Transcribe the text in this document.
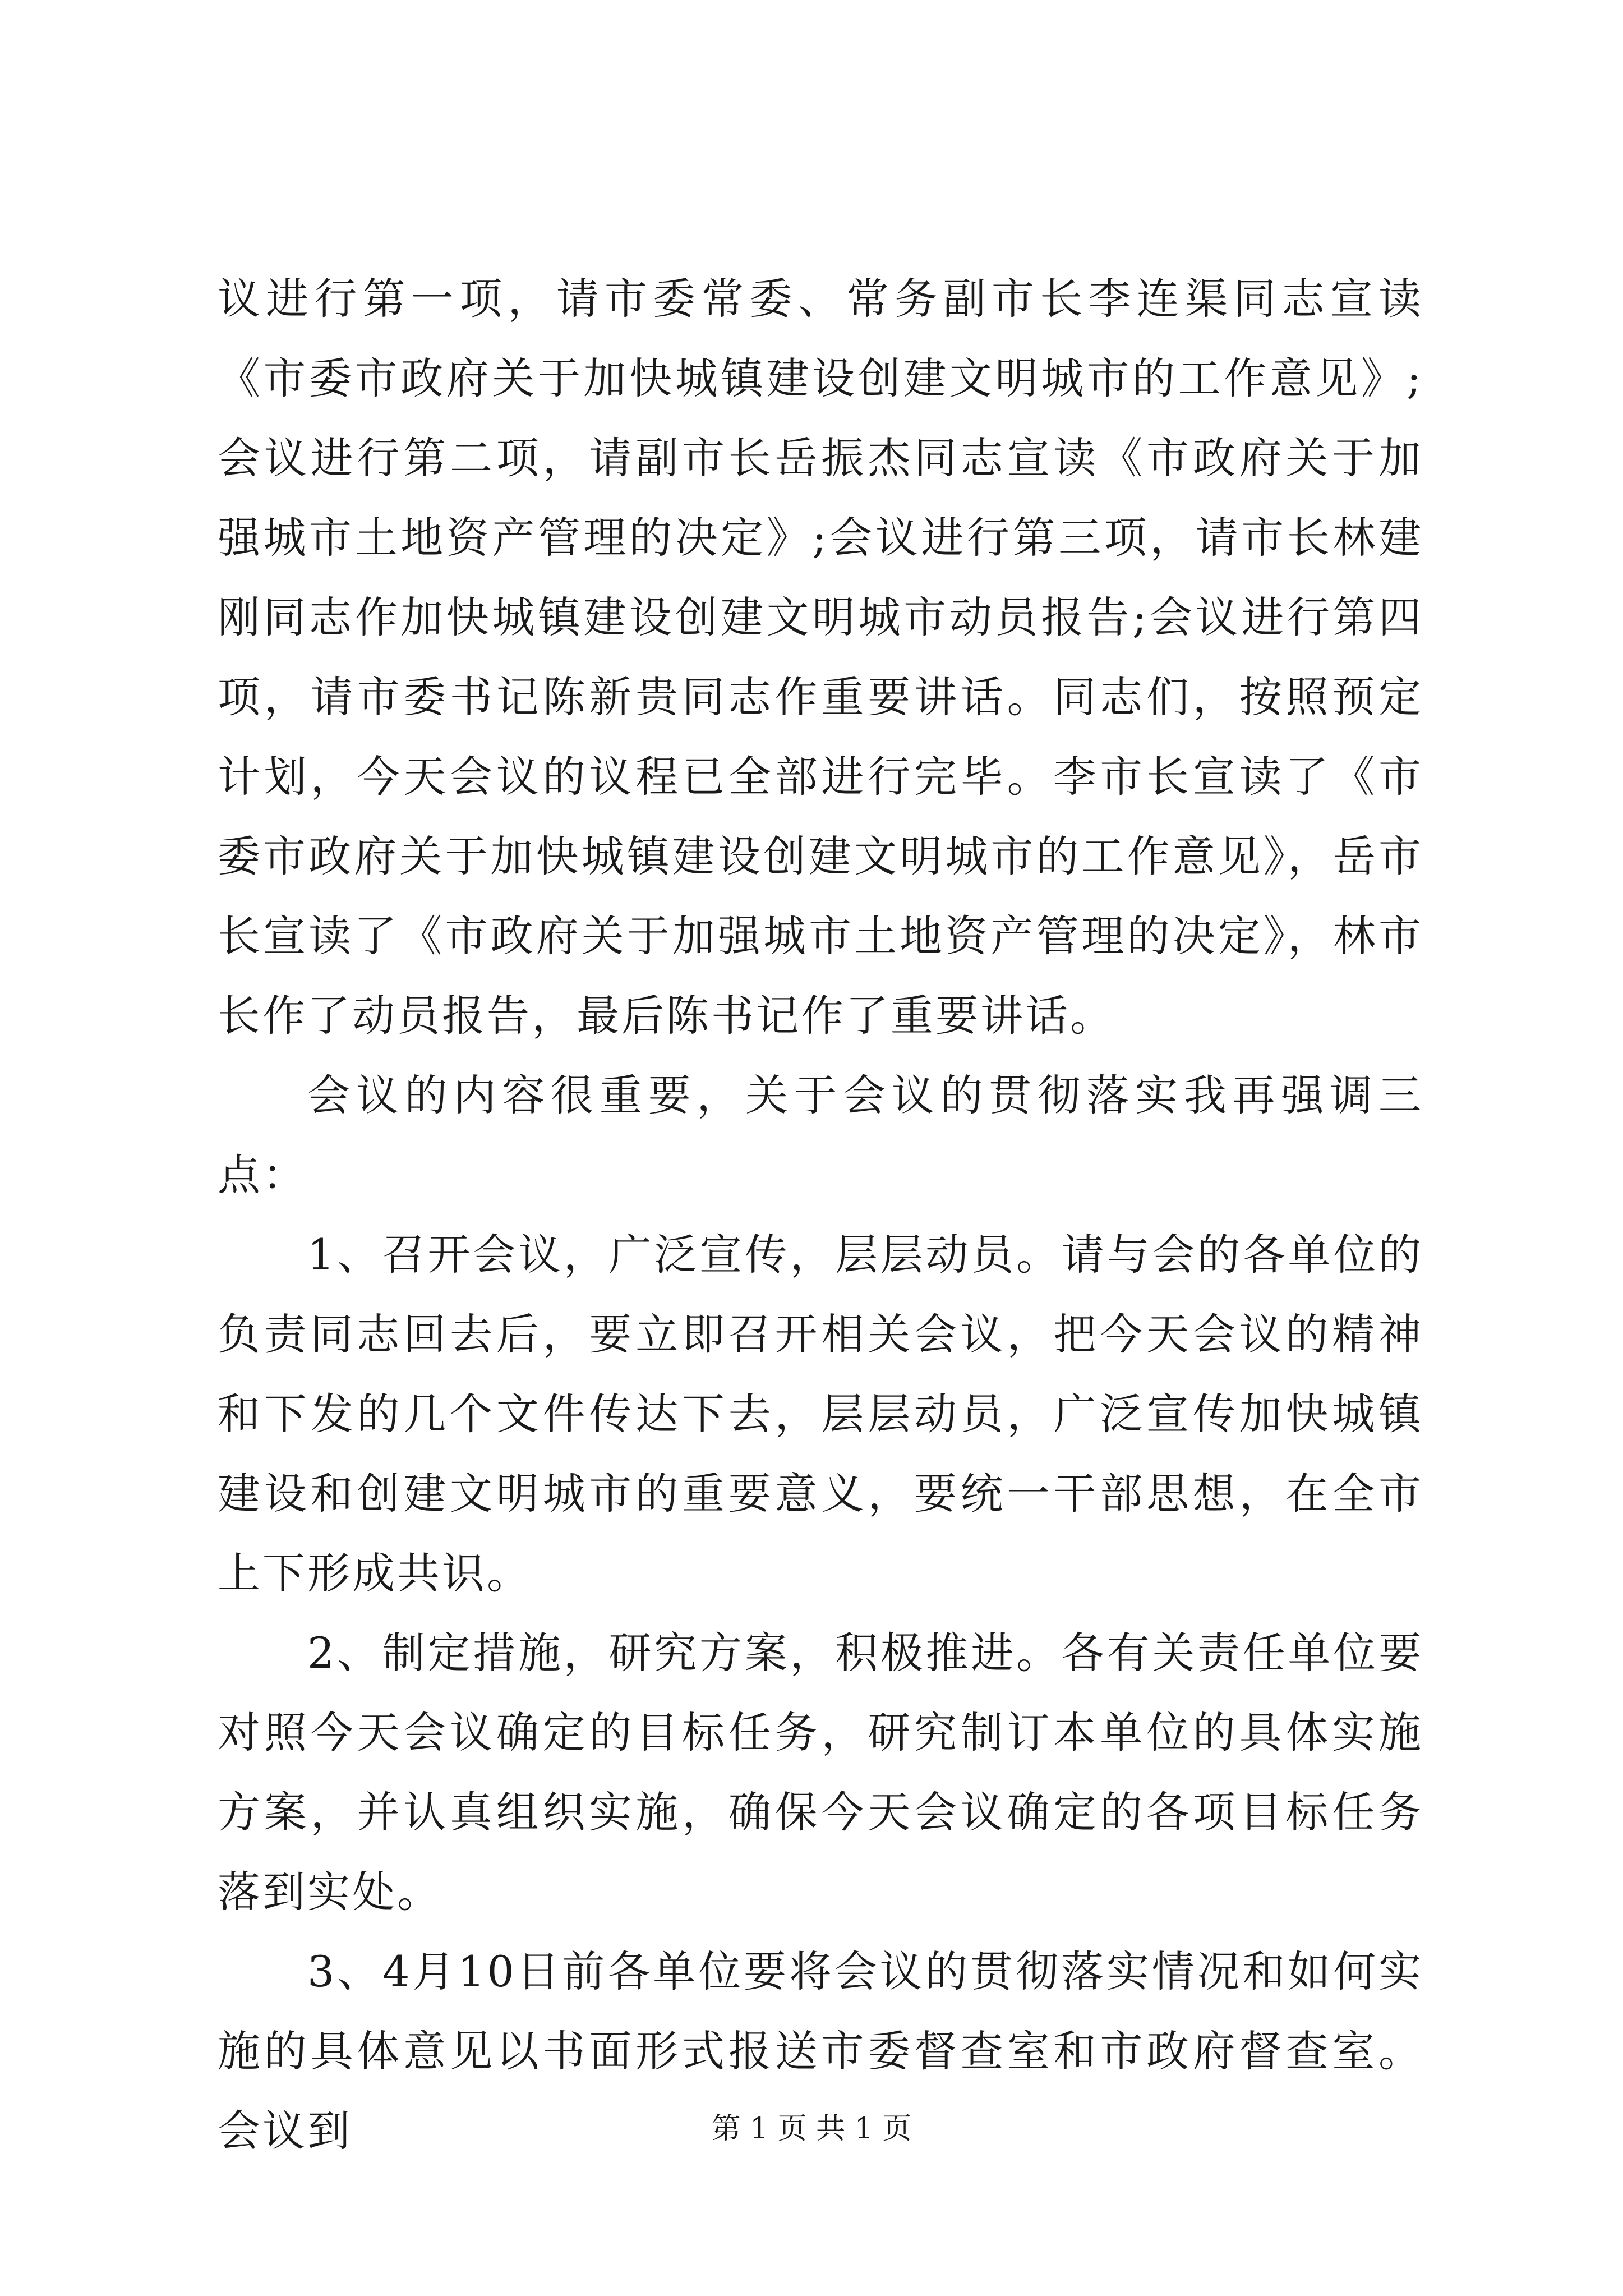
议进行第一项，请市委常委、常务副市长李连渠同志宣读《市委市政府关于加快城镇建设创建文明城市的工作意见》;会议进行第二项，请副市长岳振杰同志宣读《市政府关于加强城市土地资产管理的决定》;会议进行第三项，请市长林建刚同志作加快城镇建设创建文明城市动员报告;会议进行第四项，请市委书记陈新贵同志作重要讲话。同志们，按照预定计划，今天会议的议程已全部进行完毕。李市长宣读了《市委市政府关于加快城镇建设创建文明城市的工作意见》，岳市长宣读了《市政府关于加强城市土地资产管理的决定》，林市长作了动员报告，最后陈书记作了重要讲话。

会议的内容很重要，关于会议的贯彻落实我再强调三点：

1、召开会议，广泛宣传，层层动员。请与会的各单位的负责同志回去后，要立即召开相关会议，把今天会议的精神和下发的几个文件传达下去，层层动员，广泛宣传加快城镇建设和创建文明城市的重要意义，要统一干部思想，在全市上下形成共识。

2、制定措施，研究方案，积极推进。各有关责任单位要对照今天会议确定的目标任务，研究制订本单位的具体实施方案，并认真组织实施，确保今天会议确定的各项目标任务落到实处。

3、4月10日前各单位要将会议的贯彻落实情况和如何实施的具体意见以书面形式报送市委督查室和市政府督查室。会议到	第 1 页 共 1 页
